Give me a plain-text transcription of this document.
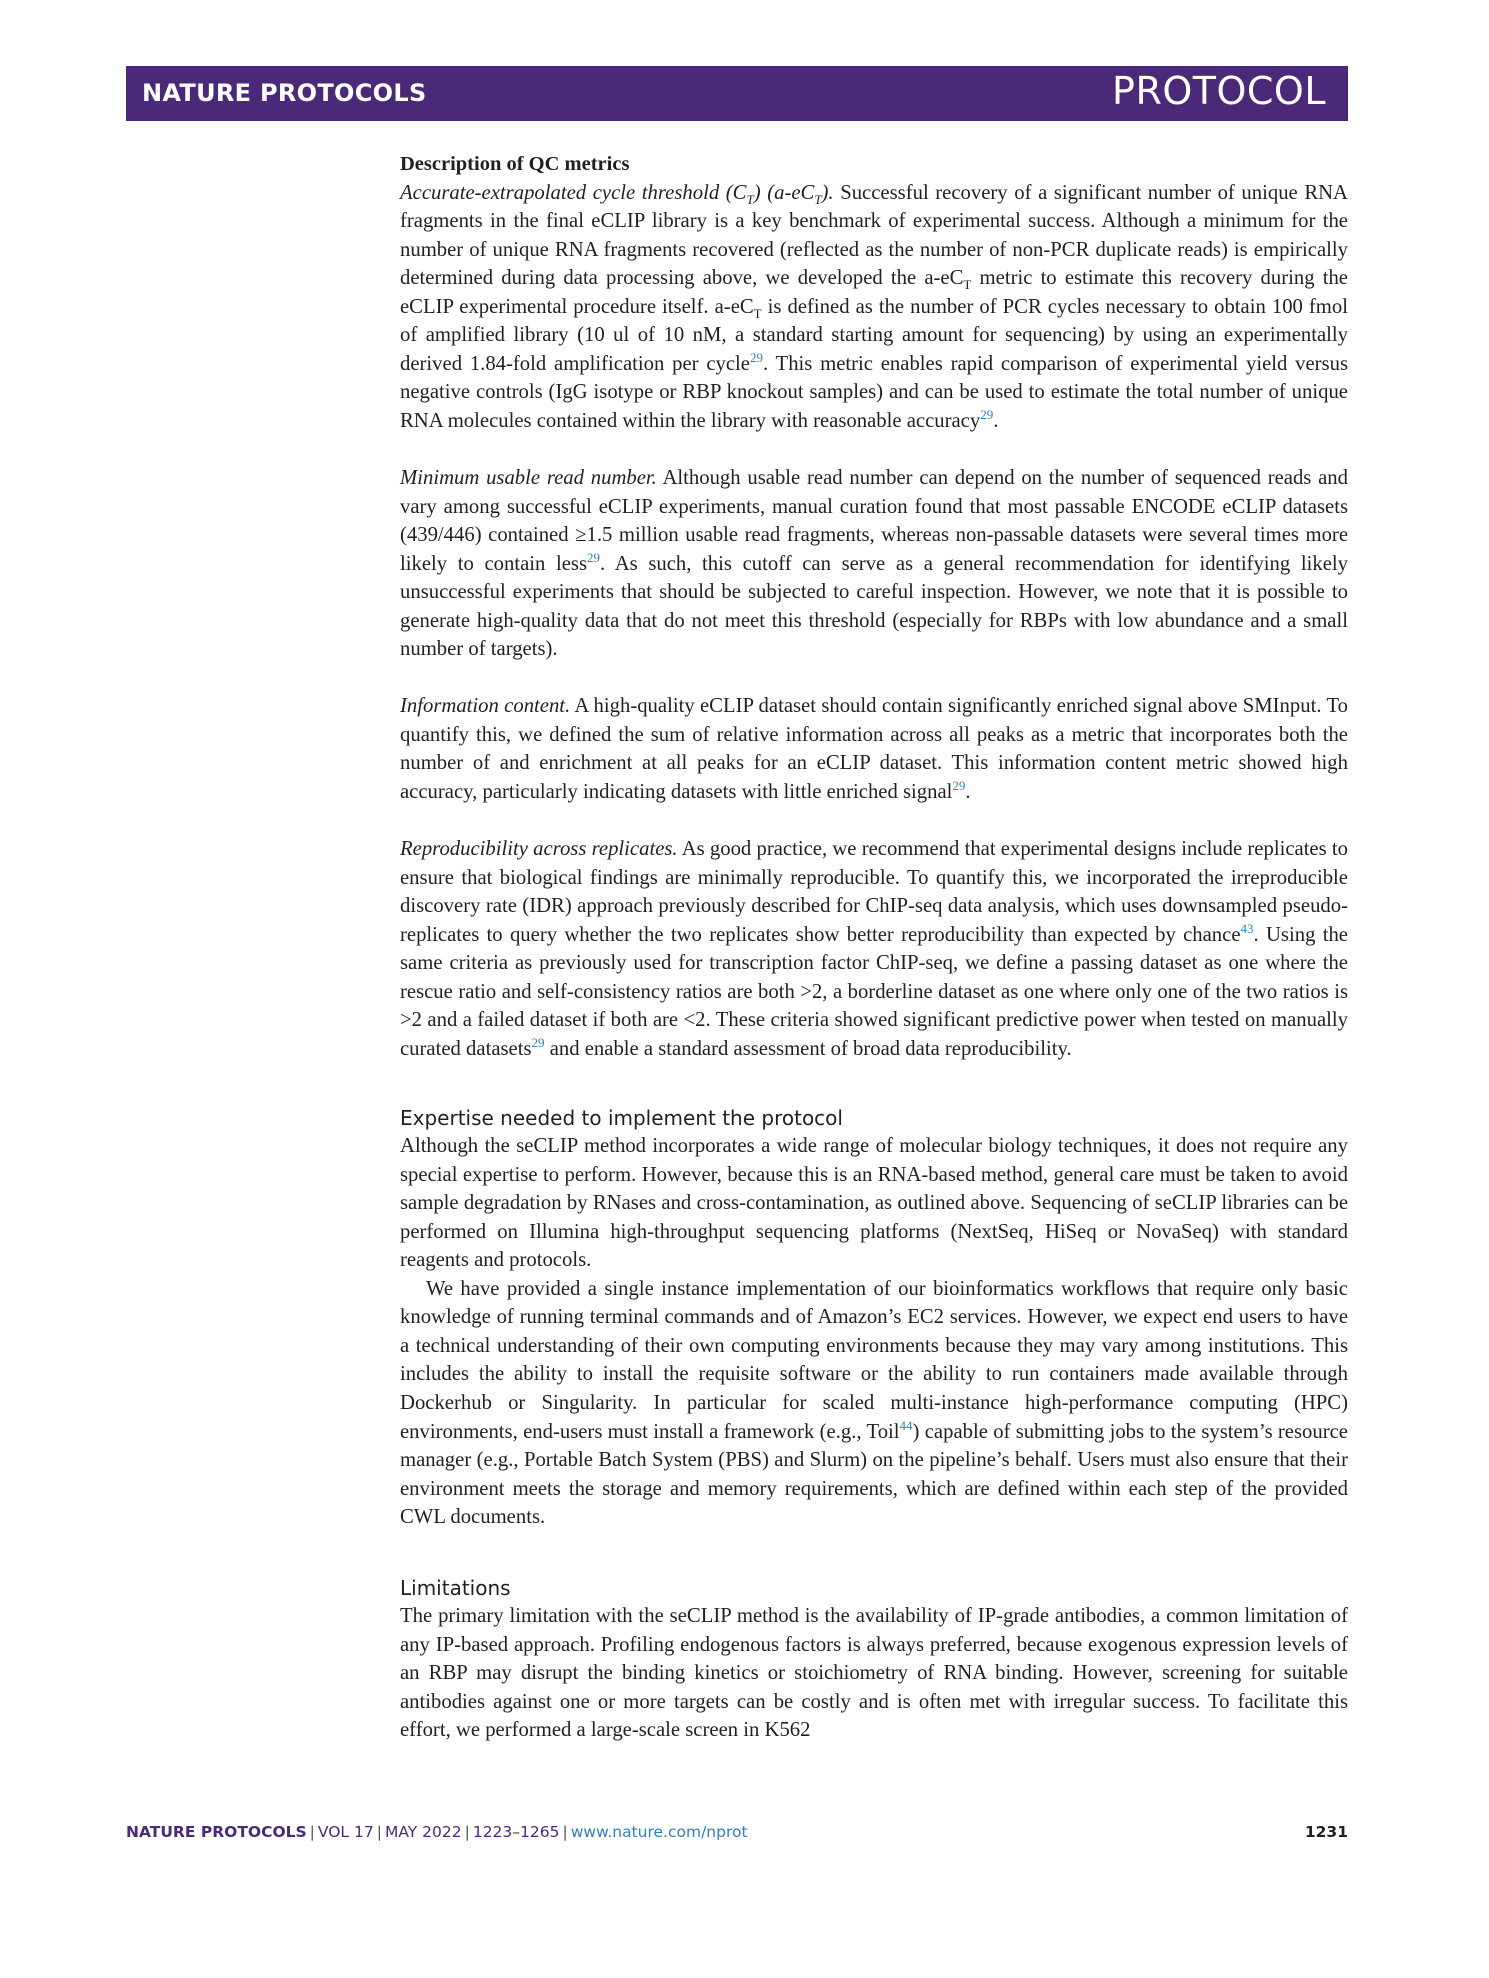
NATURE PROTOCOLS	PROTOCOL

Description of QC metrics

Accurate-extrapolated cycle threshold $(C_T)$ $(a-eC_T)$. Successful recovery of a significant number of unique RNA fragments in the final eCLIP library is a key benchmark of experimental success. Although a minimum for the number of unique RNA fragments recovered (reflected as the number of non-PCR duplicate reads) is empirically determined during data processing above, we developed the $a-eC_T$ metric to estimate this recovery during the eCLIP experimental procedure itself. $a-eC_T$ is defined as the number of PCR cycles necessary to obtain 100 fmol of amplified library (10 ul of 10 nM, a standard starting amount for sequencing) by using an experimentally derived 1.84-fold amplification per cycle$^{29}$. This metric enables rapid comparison of experimental yield versus negative controls (IgG isotype or RBP knockout samples) and can be used to estimate the total number of unique RNA molecules contained within the library with reasonable accuracy$^{29}$.

Minimum usable read number. Although usable read number can depend on the number of sequenced reads and vary among successful eCLIP experiments, manual curation found that most passable ENCODE eCLIP datasets (439/446) contained ≥1.5 million usable read fragments, whereas non-passable datasets were several times more likely to contain less$^{29}$. As such, this cutoff can serve as a general recommendation for identifying likely unsuccessful experiments that should be subjected to careful inspection. However, we note that it is possible to generate high-quality data that do not meet this threshold (especially for RBPs with low abundance and a small number of targets).

Information content. A high-quality eCLIP dataset should contain significantly enriched signal above SMInput. To quantify this, we defined the sum of relative information across all peaks as a metric that incorporates both the number of and enrichment at all peaks for an eCLIP dataset. This information content metric showed high accuracy, particularly indicating datasets with little enriched signal$^{29}$.

Reproducibility across replicates. As good practice, we recommend that experimental designs include replicates to ensure that biological findings are minimally reproducible. To quantify this, we incorporated the irreproducible discovery rate (IDR) approach previously described for ChIP-seq data analysis, which uses downsampled pseudo-replicates to query whether the two replicates show better reproducibility than expected by chance$^{43}$. Using the same criteria as previously used for transcription factor ChIP-seq, we define a passing dataset as one where the rescue ratio and self-consistency ratios are both >2, a borderline dataset as one where only one of the two ratios is >2 and a failed dataset if both are <2. These criteria showed significant predictive power when tested on manually curated datasets$^{29}$ and enable a standard assessment of broad data reproducibility.

Expertise needed to implement the protocol

Although the seCLIP method incorporates a wide range of molecular biology techniques, it does not require any special expertise to perform. However, because this is an RNA-based method, general care must be taken to avoid sample degradation by RNases and cross-contamination, as outlined above. Sequencing of seCLIP libraries can be performed on Illumina high-throughput sequencing platforms (NextSeq, HiSeq or NovaSeq) with standard reagents and protocols.

We have provided a single instance implementation of our bioinformatics workflows that require only basic knowledge of running terminal commands and of Amazon’s EC2 services. However, we expect end users to have a technical understanding of their own computing environments because they may vary among institutions. This includes the ability to install the requisite software or the ability to run containers made available through Dockerhub or Singularity. In particular for scaled multi-instance high-performance computing (HPC) environments, end-users must install a framework (e.g., Toil$^{44}$) capable of submitting jobs to the system’s resource manager (e.g., Portable Batch System (PBS) and Slurm) on the pipeline’s behalf. Users must also ensure that their environment meets the storage and memory requirements, which are defined within each step of the provided CWL documents.

Limitations

The primary limitation with the seCLIP method is the availability of IP-grade antibodies, a common limitation of any IP-based approach. Profiling endogenous factors is always preferred, because exogenous expression levels of an RBP may disrupt the binding kinetics or stoichiometry of RNA binding. However, screening for suitable antibodies against one or more targets can be costly and is often met with irregular success. To facilitate this effort, we performed a large-scale screen in K562

NATURE PROTOCOLS | VOL 17 | MAY 2022 | 1223–1265 | www.nature.com/nprot	1231
